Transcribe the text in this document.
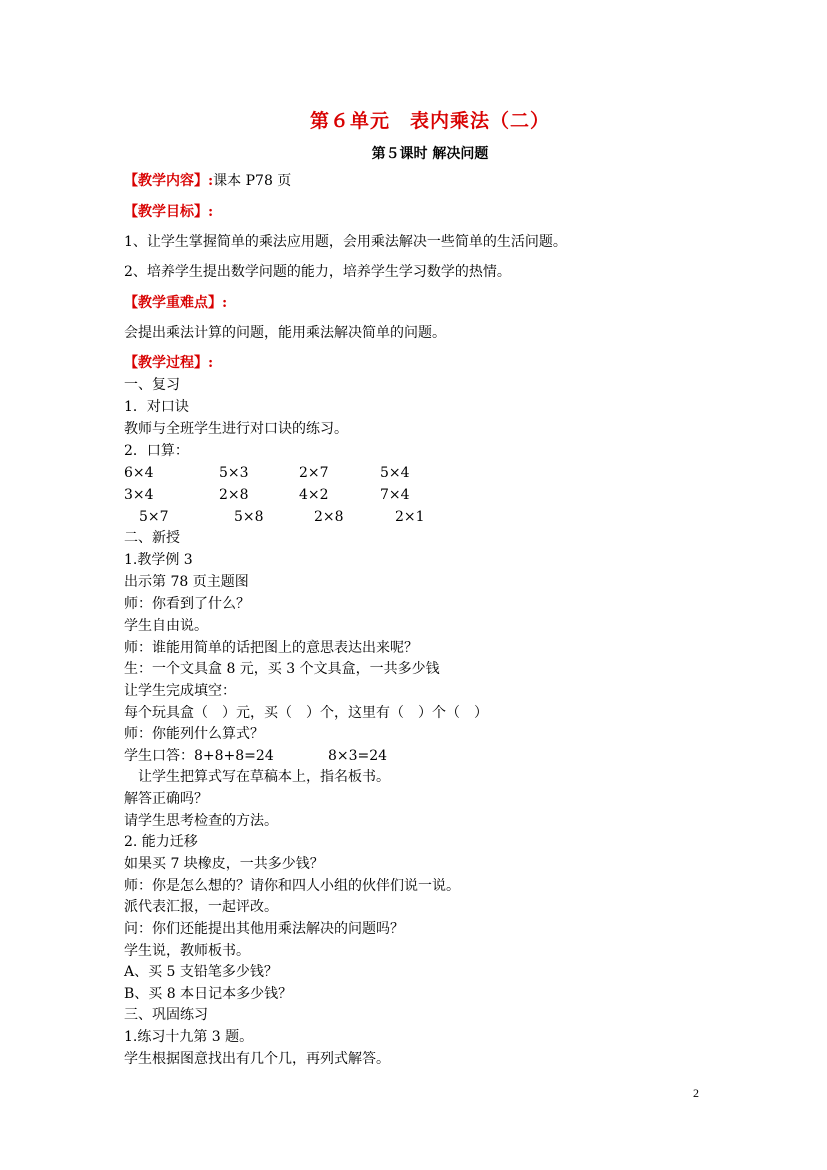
第６单元　表内乘法（二）
第５课时 解决问题
【教学内容】:课本 P78 页
【教学目标】:
1、让学生掌握简单的乘法应用题，会用乘法解决一些简单的生活问题。
2、培养学生提出数学问题的能力，培养学生学习数学的热情。
【教学重难点】:
会提出乘法计算的问题，能用乘法解决简单的问题。
【教学过程】:
一、复习
1．对口诀
教师与全班学生进行对口诀的练习。
2．口算：
6×4	5×3	2×7	5×4
3×4	2×8	4×2	7×4
5×7	5×8	2×8	2×1
二、新授
1.教学例 3
出示第 78 页主题图
师：你看到了什么？
学生自由说。
师：谁能用简单的话把图上的意思表达出来呢？
生：一个文具盒 8 元，买 3 个文具盒，一共多少钱
让学生完成填空：
每个玩具盒（　）元，买（　）个，这里有（　）个（　）
师：你能列什么算式？
学生口答：8+8+8=24	8×3=24
　让学生把算式写在草稿本上，指名板书。
解答正确吗？
请学生思考检查的方法。
2. 能力迁移
如果买 7 块橡皮，一共多少钱？
师：你是怎么想的？请你和四人小组的伙伴们说一说。
派代表汇报，一起评改。
问：你们还能提出其他用乘法解决的问题吗？
学生说，教师板书。
A、买 5 支铅笔多少钱？
B、买 8 本日记本多少钱？
三、巩固练习
1.练习十九第 3 题。
学生根据图意找出有几个几，再列式解答。
2
